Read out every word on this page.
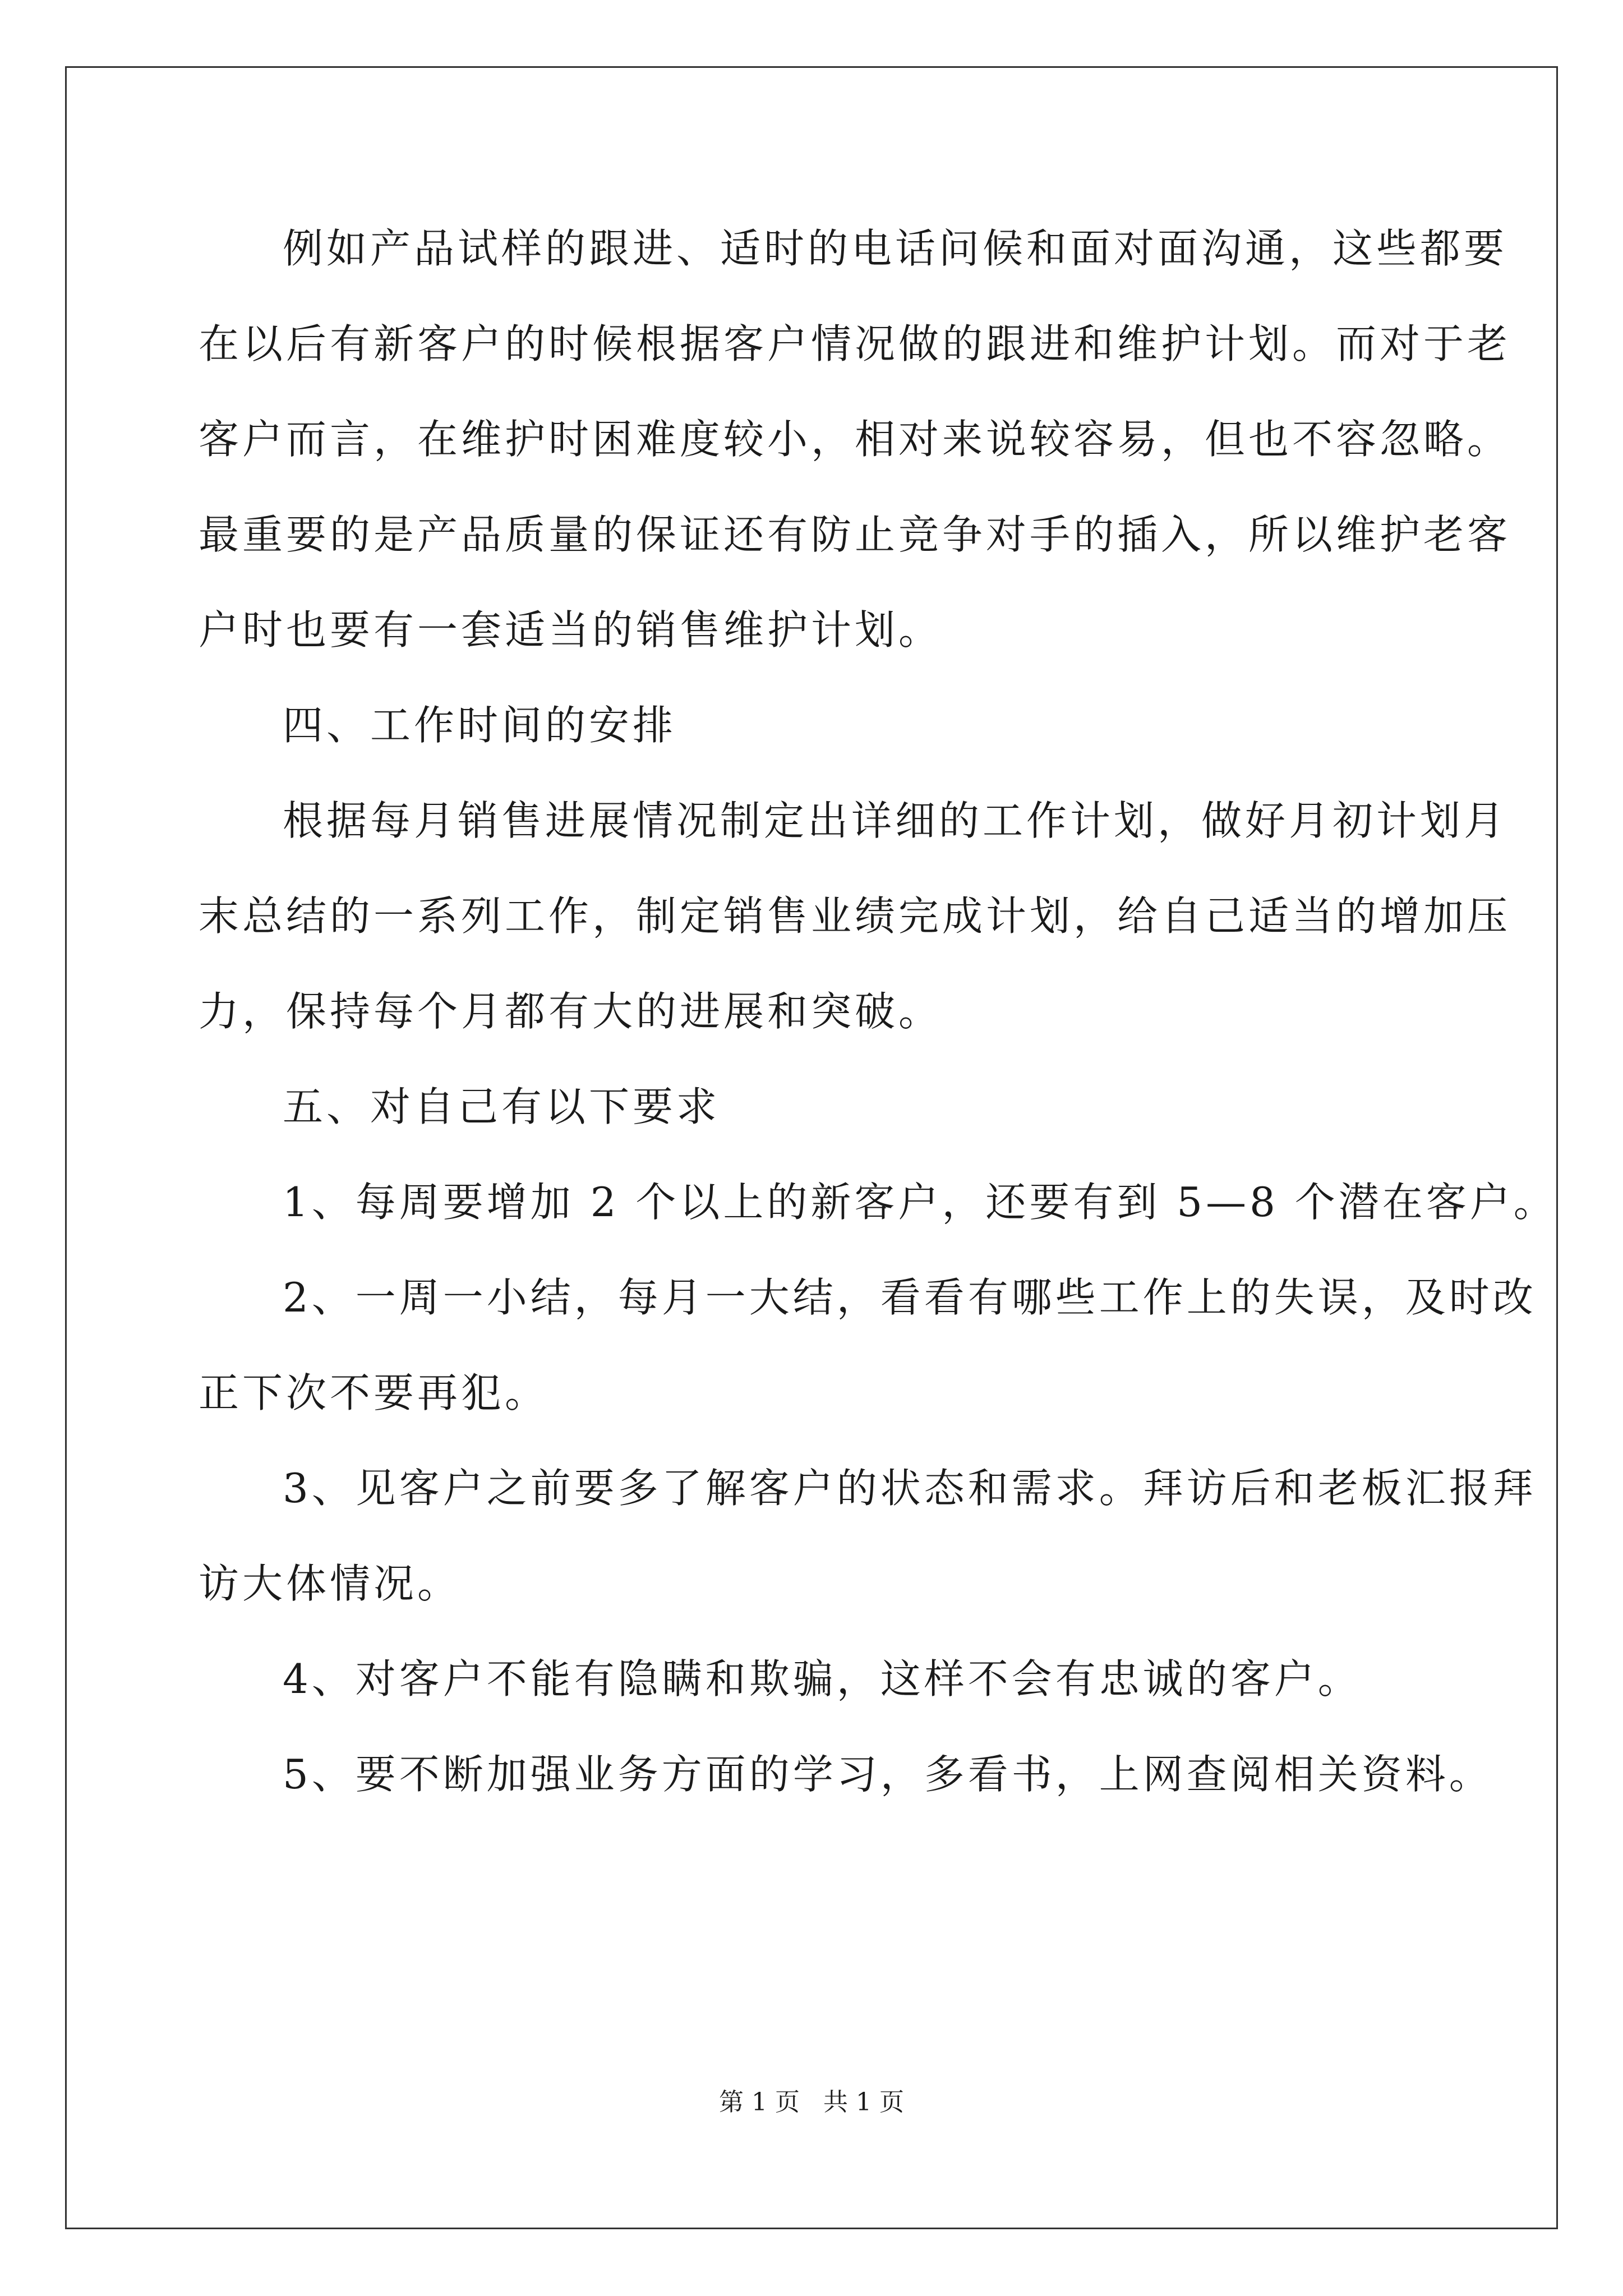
例如产品试样的跟进、适时的电话问候和面对面沟通，这些都要
在以后有新客户的时候根据客户情况做的跟进和维护计划。而对于老
客户而言，在维护时困难度较小，相对来说较容易，但也不容忽略。
最重要的是产品质量的保证还有防止竞争对手的插入，所以维护老客
户时也要有一套适当的销售维护计划。
四、工作时间的安排
根据每月销售进展情况制定出详细的工作计划，做好月初计划月
末总结的一系列工作，制定销售业绩完成计划，给自己适当的增加压
力，保持每个月都有大的进展和突破。
五、对自己有以下要求
1、每周要增加 2 个以上的新客户，还要有到 5—8 个潜在客户。
2、一周一小结，每月一大结，看看有哪些工作上的失误，及时改
正下次不要再犯。
3、见客户之前要多了解客户的状态和需求。拜访后和老板汇报拜
访大体情况。
4、对客户不能有隐瞒和欺骗，这样不会有忠诚的客户。
5、要不断加强业务方面的学习，多看书，上网查阅相关资料。
第 1 页   共 1 页
